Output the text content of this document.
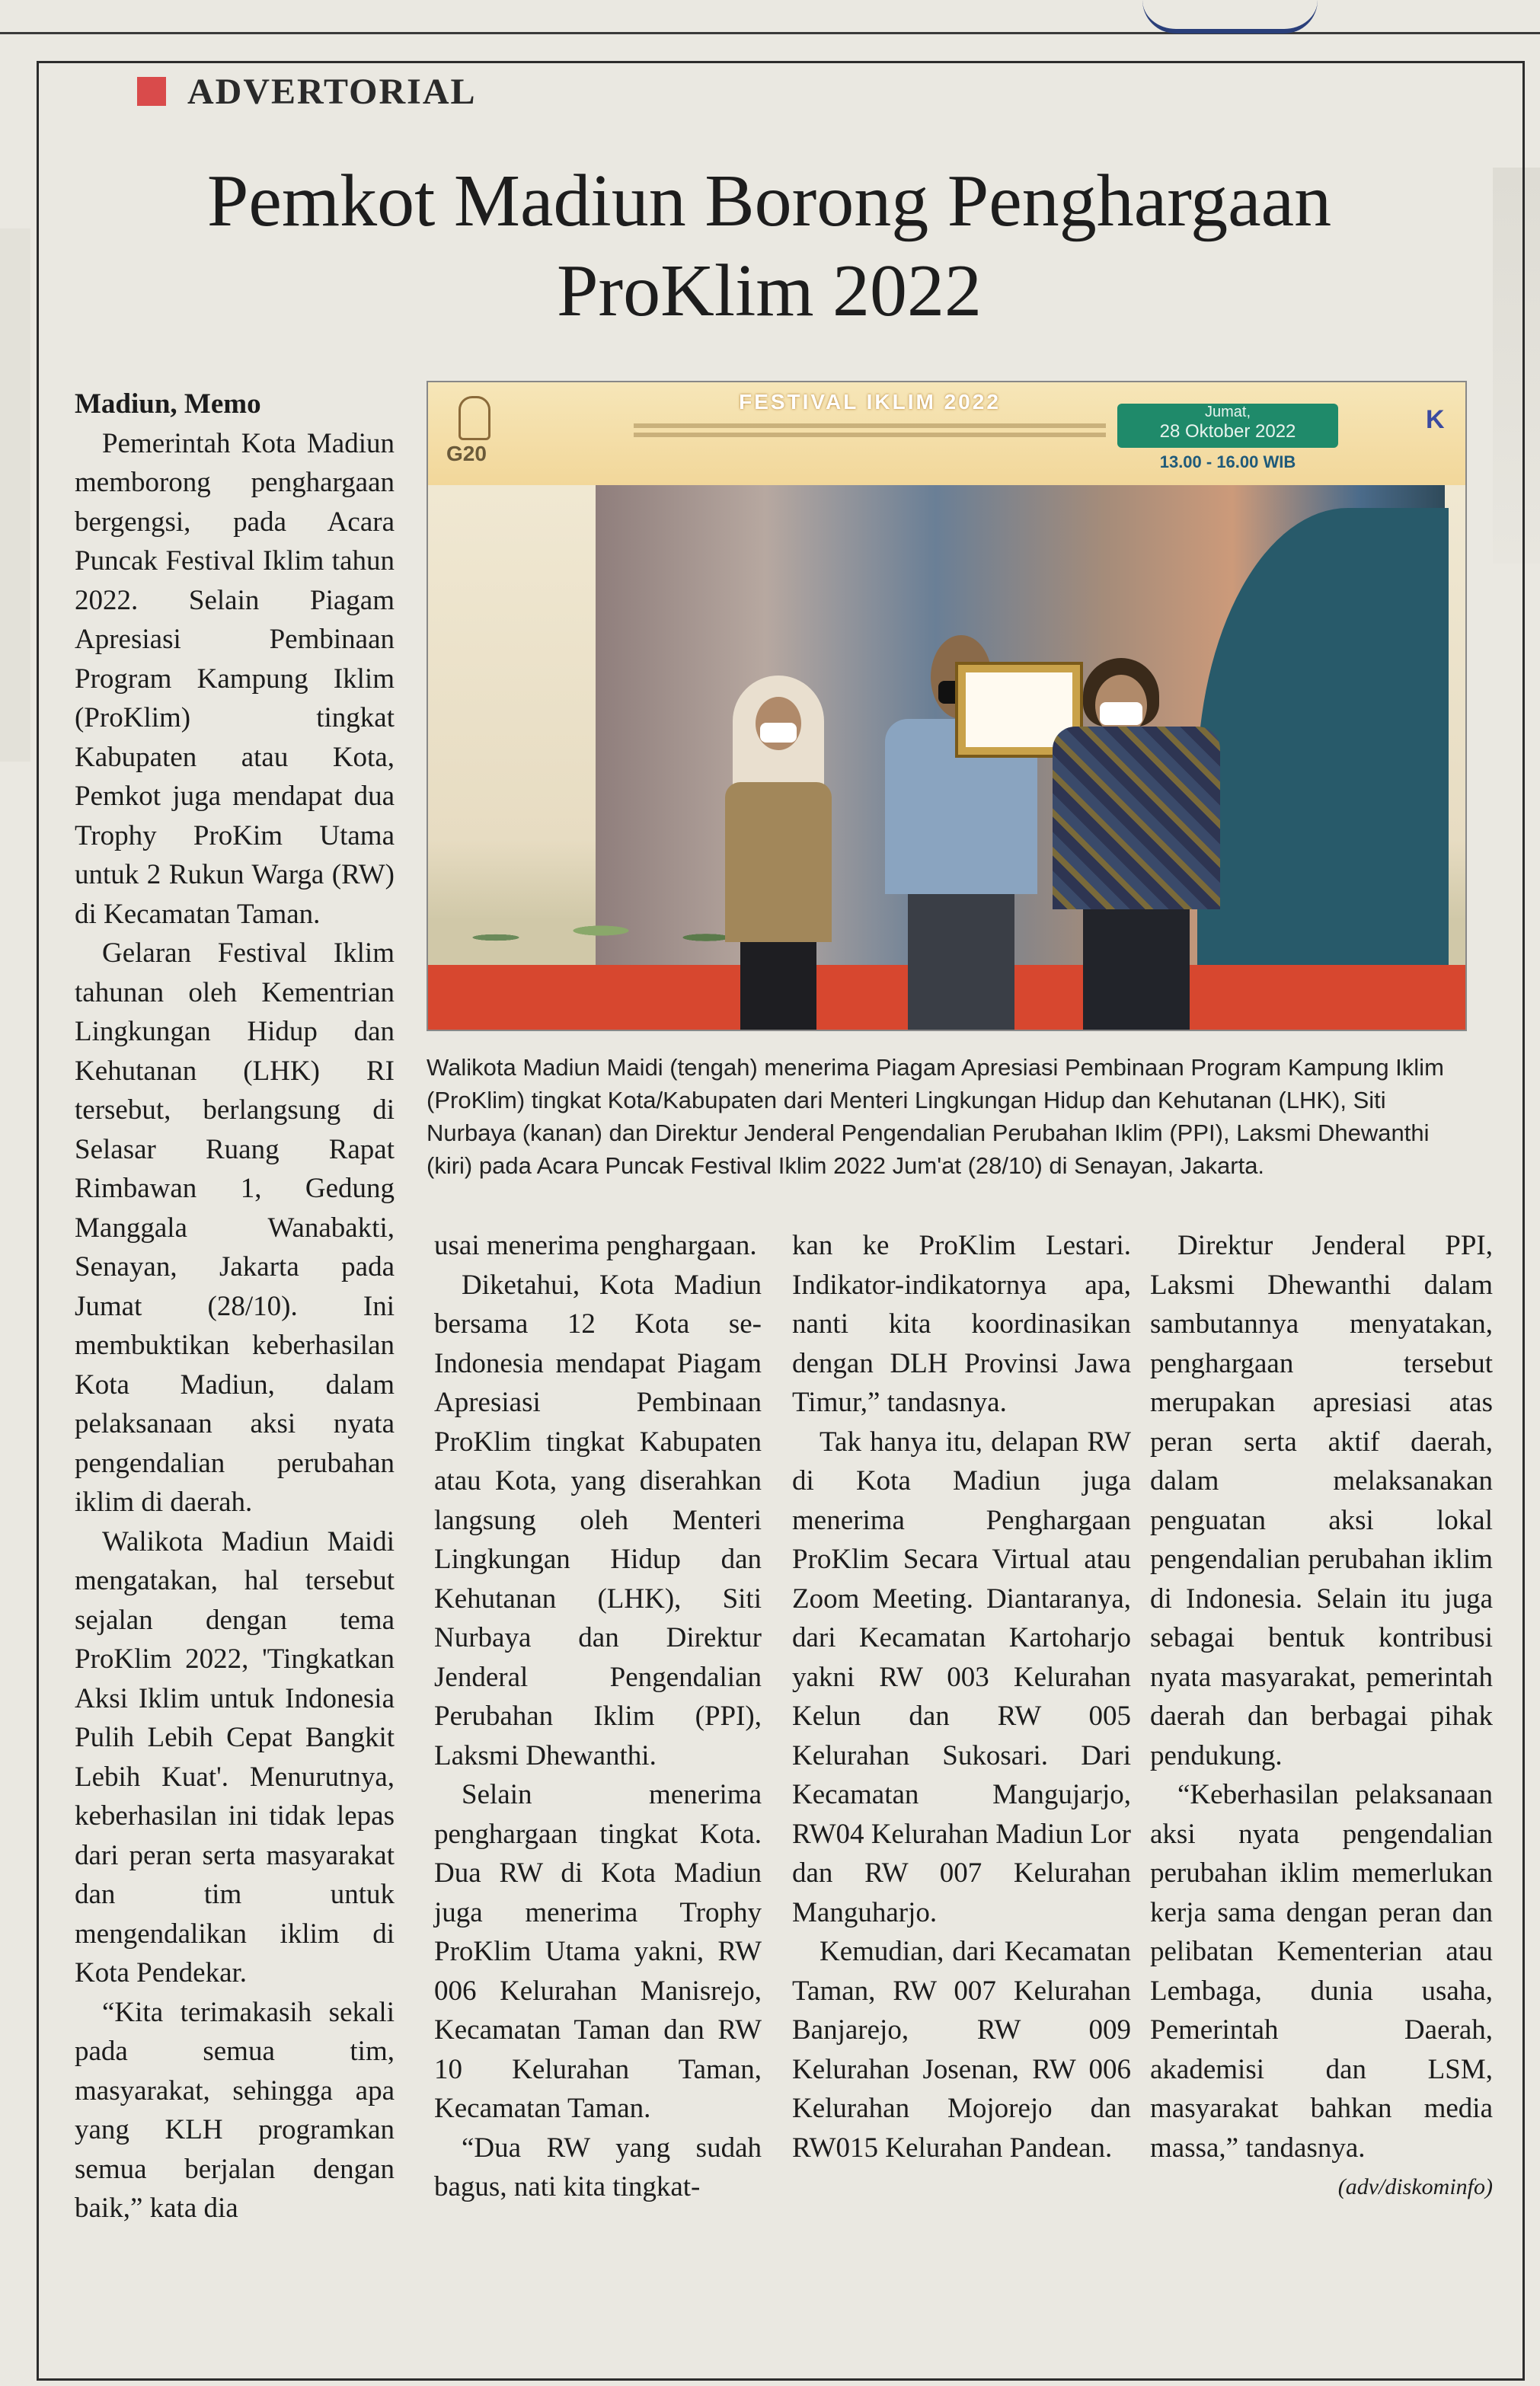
ADVERTORIAL
Pemkot Madiun Borong Penghargaan
ProKlim 2022
G20
FESTIVAL IKLIM 2022	Jumat,
28 Oktober 2022
13.00 - 16.00 WIB
K
Walikota Madiun Maidi (tengah) menerima Piagam Apresiasi Pembinaan Program Kampung Iklim (ProKlim) tingkat Kota/Kabupaten dari Menteri Lingkungan Hidup dan Kehutanan (LHK), Siti Nurbaya (kanan) dan Direktur Jenderal Pengendalian Perubahan Iklim (PPI), Laksmi Dhewanthi (kiri) pada Acara Puncak Festival Iklim 2022 Jum'at (28/10) di Senayan, Jakarta.

Madiun, Memo

Pemerintah Kota Madiun memborong penghargaan bergengsi, pada Acara Puncak Festival Iklim tahun 2022. Selain Piagam Apresiasi Pembinaan Program Kampung Iklim (ProKlim) tingkat Kabupaten atau Kota, Pemkot juga mendapat dua Trophy ProKim Utama untuk 2 Rukun Warga (RW) di Kecamatan Taman.

Gelaran Festival Iklim tahunan oleh Kementrian Lingkungan Hidup dan Kehutanan (LHK) RI tersebut, berlangsung di Selasar Ruang Rapat Rimbawan 1, Gedung Manggala Wanabakti, Senayan, Jakarta pada Jumat (28/10). Ini membuktikan keberhasilan Kota Madiun, dalam pelaksanaan aksi nyata pengendalian perubahan iklim di daerah.

Walikota Madiun Maidi mengatakan, hal tersebut sejalan dengan tema ProKlim 2022, 'Tingkatkan Aksi Iklim untuk Indonesia Pulih Lebih Cepat Bangkit Lebih Kuat'. Menurutnya, keberhasilan ini tidak lepas dari peran serta masyarakat dan tim untuk mengendalikan iklim di Kota Pendekar.

“Kita terimakasih sekali pada semua tim, masyarakat, sehingga apa yang KLH programkan semua berjalan dengan baik,” kata dia

usai menerima penghargaan.

Diketahui, Kota Madiun bersama 12 Kota se-Indonesia mendapat Piagam Apresiasi Pembinaan ProKlim tingkat Kabupaten atau Kota, yang diserahkan langsung oleh Menteri Lingkungan Hidup dan Kehutanan (LHK), Siti Nurbaya dan Direktur Jenderal Pengendalian Perubahan Iklim (PPI), Laksmi Dhewanthi.

Selain menerima penghargaan tingkat Kota. Dua RW di Kota Madiun juga menerima Trophy ProKlim Utama yakni, RW 006 Kelurahan Manisrejo, Kecamatan Taman dan RW 10 Kelurahan Taman, Kecamatan Taman.

“Dua RW yang sudah bagus, nati kita tingkat-

kan ke ProKlim Lestari. Indikator-indikatornya apa, nanti kita koordinasikan dengan DLH Provinsi Jawa Timur,” tandasnya.

Tak hanya itu, delapan RW di Kota Madiun juga menerima Penghargaan ProKlim Secara Virtual atau Zoom Meeting. Diantaranya, dari Kecamatan Kartoharjo yakni RW 003 Kelurahan Kelun dan RW 005 Kelurahan Sukosari. Dari Kecamatan Mangujarjo, RW04 Kelurahan Madiun Lor dan RW 007 Kelurahan Manguharjo.

Kemudian, dari Kecamatan Taman, RW 007 Kelurahan Banjarejo, RW 009 Kelurahan Josenan, RW 006 Kelurahan Mojorejo dan RW015 Kelurahan Pandean.

Direktur Jenderal PPI, Laksmi Dhewanthi dalam sambutannya menyatakan, penghargaan tersebut merupakan apresiasi atas peran serta aktif daerah, dalam melaksanakan penguatan aksi lokal pengendalian perubahan iklim di Indonesia. Selain itu juga sebagai bentuk kontribusi nyata masyarakat, pemerintah daerah dan berbagai pihak pendukung.

“Keberhasilan pelaksanaan aksi nyata pengendalian perubahan iklim memerlukan kerja sama dengan peran dan pelibatan Kementerian atau Lembaga, dunia usaha, Pemerintah Daerah, akademisi dan LSM, masyarakat bahkan media massa,” tandasnya.

(adv/diskominfo)
